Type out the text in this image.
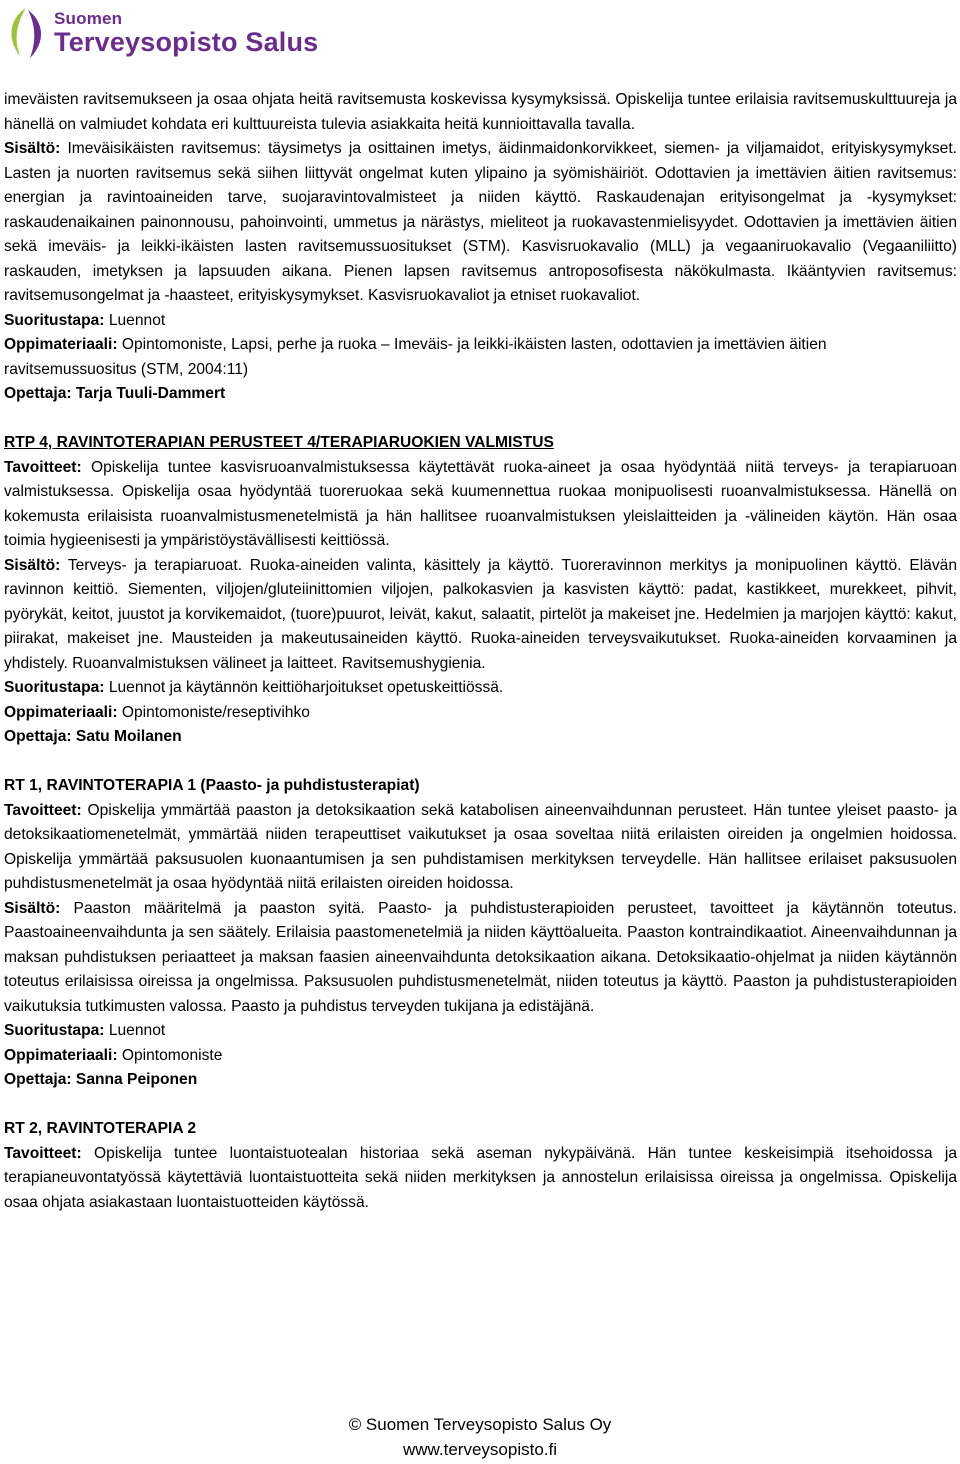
Suomen
Terveysopisto Salus

imeväisten ravitsemukseen ja osaa ohjata heitä ravitsemusta koskevissa kysymyksissä. Opiskelija tuntee erilaisia ravitsemuskulttuureja ja hänellä on valmiudet kohdata eri kulttuureista tulevia asiakkaita heitä kunnioittavalla tavalla.

Sisältö: Imeväisikäisten ravitsemus: täysimetys ja osittainen imetys, äidinmaidonkorvikkeet, siemen- ja viljamaidot, erityiskysymykset. Lasten ja nuorten ravitsemus sekä siihen liittyvät ongelmat kuten ylipaino ja syömishäiriöt. Odottavien ja imettävien äitien ravitsemus: energian ja ravintoaineiden tarve, suojaravintovalmisteet ja niiden käyttö. Raskaudenajan erityisongelmat ja -kysymykset: raskaudenaikainen painonnousu, pahoinvointi, ummetus ja närästys, mieliteot ja ruokavastenmielisyydet. Odottavien ja imettävien äitien sekä imeväis- ja leikki-ikäisten lasten ravitsemussuositukset (STM). Kasvisruokavalio (MLL) ja vegaaniruokavalio (Vegaaniliitto) raskauden, imetyksen ja lapsuuden aikana. Pienen lapsen ravitsemus antroposofisesta näkökulmasta. Ikääntyvien ravitsemus: ravitsemusongelmat ja -haasteet, erityiskysymykset. Kasvisruokavaliot ja etniset ruokavaliot.

Suoritustapa: Luennot

Oppimateriaali: Opintomoniste, Lapsi, perhe ja ruoka – Imeväis- ja leikki-ikäisten lasten, odottavien ja imettävien äitien ravitsemussuositus (STM, 2004:11)

Opettaja: Tarja Tuuli-Dammert

RTP 4, RAVINTOTERAPIAN PERUSTEET 4/TERAPIARUOKIEN VALMISTUS

Tavoitteet: Opiskelija tuntee kasvisruoanvalmistuksessa käytettävät ruoka-aineet ja osaa hyödyntää niitä terveys- ja terapiaruoan valmistuksessa. Opiskelija osaa hyödyntää tuoreruokaa sekä kuumennettua ruokaa monipuolisesti ruoanvalmistuksessa. Hänellä on kokemusta erilaisista ruoanvalmistusmenetelmistä ja hän hallitsee ruoanvalmistuksen yleislaitteiden ja -välineiden käytön. Hän osaa toimia hygieenisesti ja ympäristöystävällisesti keittiössä.

Sisältö: Terveys- ja terapiaruoat. Ruoka-aineiden valinta, käsittely ja käyttö. Tuoreravinnon merkitys ja monipuolinen käyttö. Elävän ravinnon keittiö. Siementen, viljojen/gluteiinittomien viljojen, palkokasvien ja kasvisten käyttö: padat, kastikkeet, murekkeet, pihvit, pyörykät, keitot, juustot ja korvikemaidot, (tuore)puurot, leivät, kakut, salaatit, pirtelöt ja makeiset jne. Hedelmien ja marjojen käyttö: kakut, piirakat, makeiset jne. Mausteiden ja makeutusaineiden käyttö. Ruoka-aineiden terveysvaikutukset. Ruoka-aineiden korvaaminen ja yhdistely. Ruoanvalmistuksen välineet ja laitteet. Ravitsemushygienia.

Suoritustapa: Luennot ja käytännön keittiöharjoitukset opetuskeittiössä.

Oppimateriaali: Opintomoniste/reseptivihko

Opettaja: Satu Moilanen

RT 1, RAVINTOTERAPIA 1 (Paasto- ja puhdistusterapiat)

Tavoitteet: Opiskelija ymmärtää paaston ja detoksikaation sekä katabolisen aineenvaihdunnan perusteet. Hän tuntee yleiset paasto- ja detoksikaatiomenetelmät, ymmärtää niiden terapeuttiset vaikutukset ja osaa soveltaa niitä erilaisten oireiden ja ongelmien hoidossa. Opiskelija ymmärtää paksusuolen kuonaantumisen ja sen puhdistamisen merkityksen terveydelle. Hän hallitsee erilaiset paksusuolen puhdistusmenetelmät ja osaa hyödyntää niitä erilaisten oireiden hoidossa.

Sisältö: Paaston määritelmä ja paaston syitä. Paasto- ja puhdistusterapioiden perusteet, tavoitteet ja käytännön toteutus. Paastoaineenvaihdunta ja sen säätely. Erilaisia paastomenetelmiä ja niiden käyttöalueita. Paaston kontraindikaatiot. Aineenvaihdunnan ja maksan puhdistuksen periaatteet ja maksan faasien aineenvaihdunta detoksikaation aikana. Detoksikaatio-ohjelmat ja niiden käytännön toteutus erilaisissa oireissa ja ongelmissa. Paksusuolen puhdistusmenetelmät, niiden toteutus ja käyttö. Paaston ja puhdistusterapioiden vaikutuksia tutkimusten valossa. Paasto ja puhdistus terveyden tukijana ja edistäjänä.

Suoritustapa: Luennot

Oppimateriaali: Opintomoniste

Opettaja: Sanna Peiponen

RT 2, RAVINTOTERAPIA 2

Tavoitteet: Opiskelija tuntee luontaistuotealan historiaa sekä aseman nykypäivänä. Hän tuntee keskeisimpiä itsehoidossa ja terapianeuvontatyössä käytettäviä luontaistuotteita sekä niiden merkityksen ja annostelun erilaisissa oireissa ja ongelmissa. Opiskelija osaa ohjata asiakastaan luontaistuotteiden käytössä.

© Suomen Terveysopisto Salus Oy
www.terveysopisto.fi
